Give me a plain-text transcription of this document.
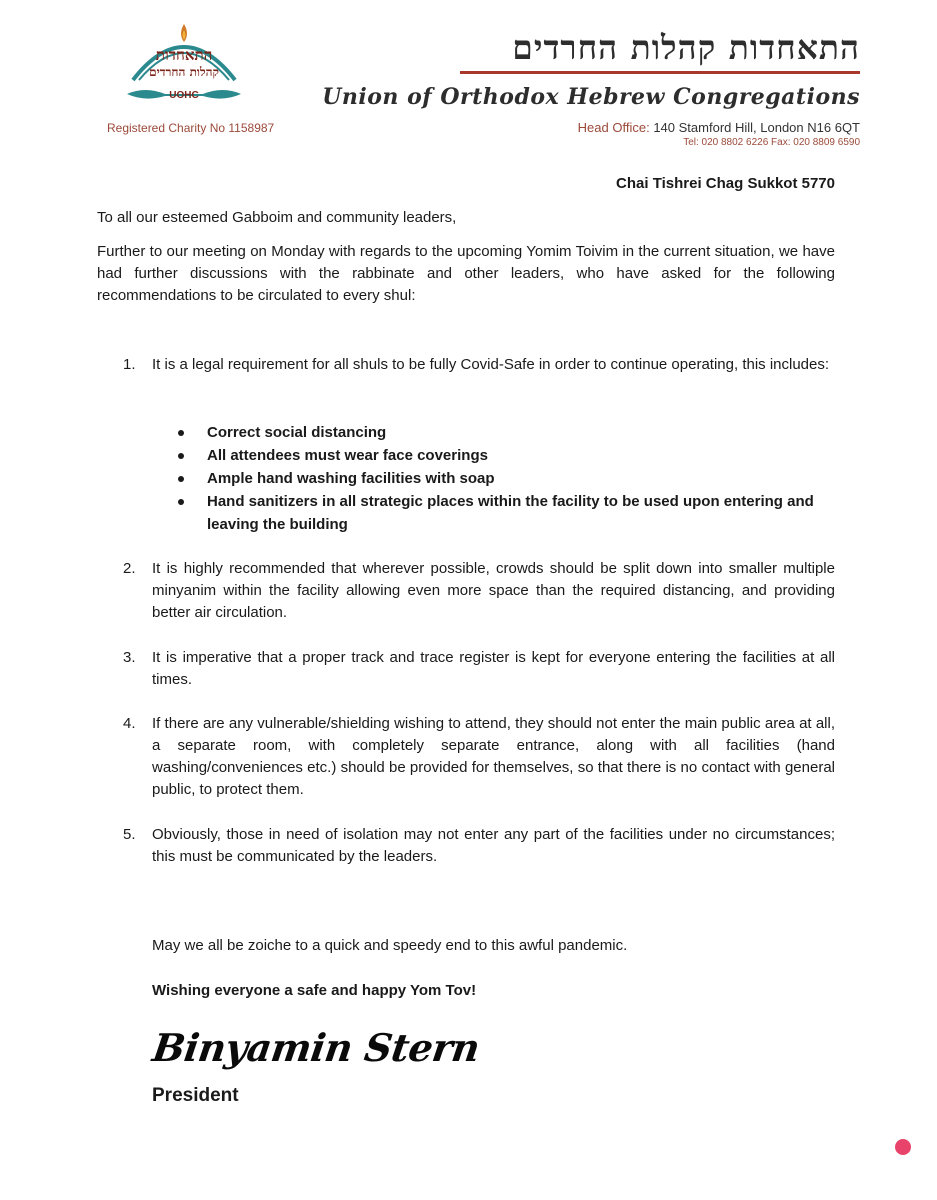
התאחדות
קהלות החרדים
UOHC
Registered Charity No 1158987
התאחדות קהלות החרדים
Union of Orthodox Hebrew Congregations
Head Office: 140 Stamford Hill, London N16 6QT
Tel: 020 8802 6226 Fax: 020 8809 6590
Chai Tishrei Chag Sukkot 5770
To all our esteemed Gabboim and community leaders,
Further to our meeting on Monday with regards to the upcoming Yomim Toivim in the current situation, we have had further discussions with the rabbinate and other leaders, who have asked for the following recommendations to be circulated to every shul:
1. It is a legal requirement for all shuls to be fully Covid-Safe in order to continue operating, this includes:
Correct social distancing
All attendees must wear face coverings
Ample hand washing facilities with soap
Hand sanitizers in all strategic places within the facility to be used upon entering and leaving the building
2. It is highly recommended that wherever possible, crowds should be split down into smaller multiple minyanim within the facility allowing even more space than the required distancing, and providing better air circulation.
3. It is imperative that a proper track and trace register is kept for everyone entering the facilities at all times.
4. If there are any vulnerable/shielding wishing to attend, they should not enter the main public area at all, a separate room, with completely separate entrance, along with all facilities (hand washing/conveniences etc.) should be provided for themselves, so that there is no contact with general public, to protect them.
5. Obviously, those in need of isolation may not enter any part of the facilities under no circumstances; this must be communicated by the leaders.
May we all be zoiche to a quick and speedy end to this awful pandemic.
Wishing everyone a safe and happy Yom Tov!
Binyamin Stern
President
